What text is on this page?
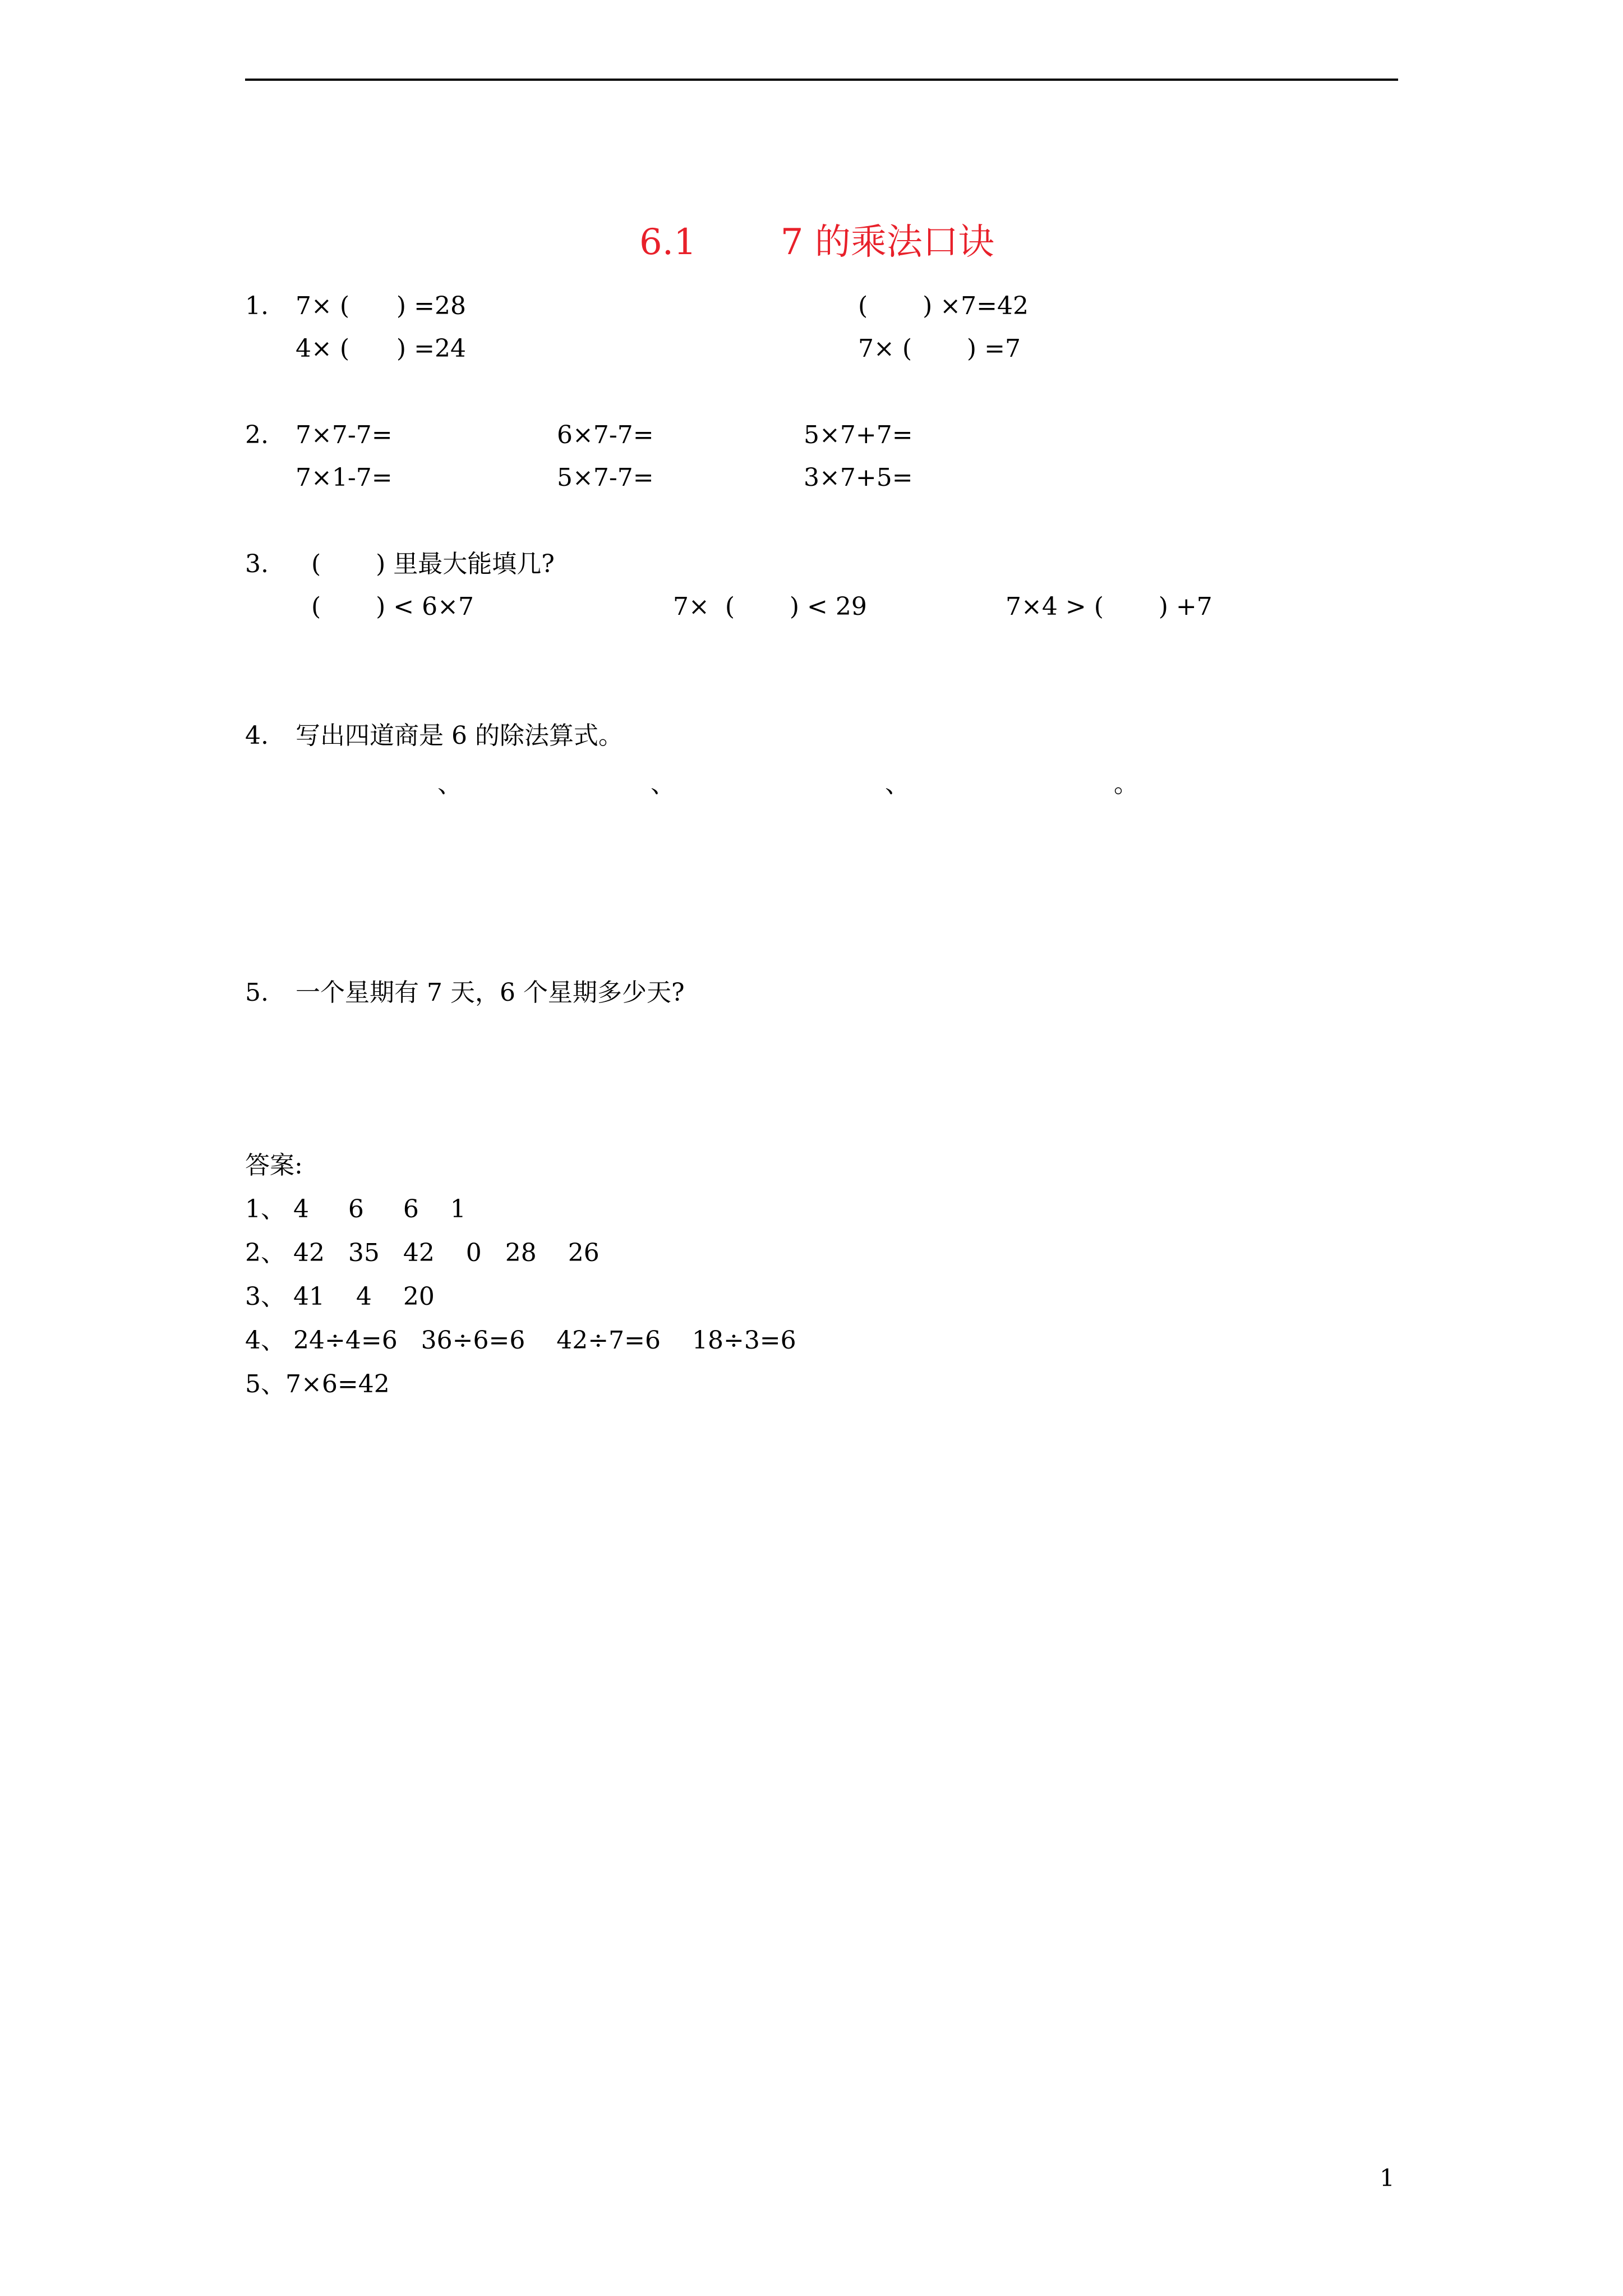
6.1 7 的乘法口诀
1. 7× (      ) =28	(       ) ×7=42
4× (      ) =24	7× (       ) =7
2. 7×7-7=	6×7-7=	5×7+7=
7×1-7=	5×7-7=	3×7+5=
3. (       ) 里最大能填几?
(       ) < 6×7	7×  (       ) < 29	7×4 > (       ) +7
4. 写出四道商是 6 的除法算式。
、	、	、	。
5. 一个星期有 7 天，6 个星期多少天?
答案:
1、 4     6     6    1
2、 42   35   42    0   28    26
3、 41    4    20
4、 24÷4=6   36÷6=6    42÷7=6    18÷3=6
5、7×6=42
1
